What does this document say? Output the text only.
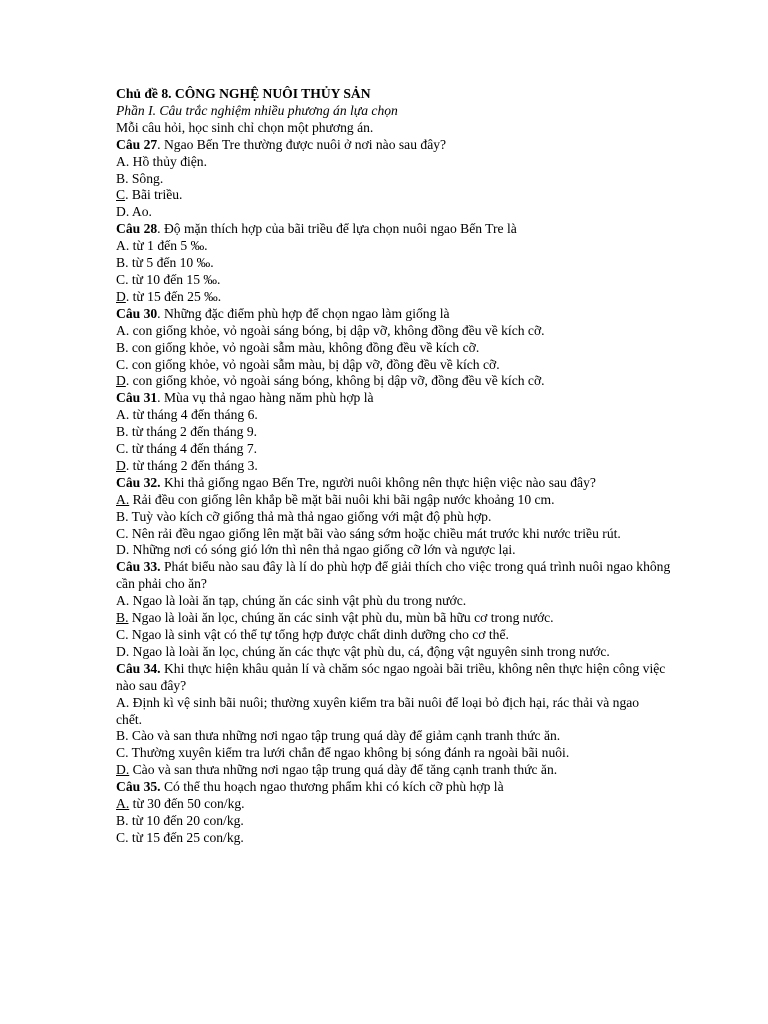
Chủ đề 8. CÔNG NGHỆ NUÔI THỦY SẢN
Phần I. Câu trắc nghiệm nhiều phương án lựa chọn
Mỗi câu hỏi, học sinh chỉ chọn một phương án.
Câu 27. Ngao Bến Tre thường được nuôi ở nơi nào sau đây?
A. Hồ thủy điện.
B. Sông.
C. Bãi triều.
D. Ao.
Câu 28. Độ mặn thích hợp của bãi triều để lựa chọn nuôi ngao Bến Tre là
A. từ 1 đến 5 ‰.
B. từ 5 đến 10 ‰.
C. từ 10 đến 15 ‰.
D. từ 15 đến 25 ‰.
Câu 30. Những đặc điểm phù hợp để chọn ngao làm giống là
A. con giống khỏe, vỏ ngoài sáng bóng, bị dập vỡ, không đồng đều về kích cỡ.
B. con giống khỏe, vỏ ngoài sẫm màu, không đồng đều về kích cỡ.
C. con giống khỏe, vỏ ngoài sẫm màu, bị dập vỡ, đồng đều về kích cỡ.
D. con giống khỏe, vỏ ngoài sáng bóng, không bị dập vỡ, đồng đều về kích cỡ.
Câu 31. Mùa vụ thả ngao hàng năm phù hợp là
A. từ tháng 4 đến tháng 6.
B. từ tháng 2 đến tháng 9.
C. từ tháng 4 đến tháng 7.
D. từ tháng 2 đến tháng 3.
Câu 32. Khi thả giống ngao Bến Tre, người nuôi không nên thực hiện việc nào sau đây?
A. Rải đều con giống lên khắp bề mặt bãi nuôi khi bãi ngập nước khoảng 10 cm.
B. Tuỳ vào kích cỡ giống thả mà thả ngao giống với mật độ phù hợp.
C. Nên rải đều ngao giống lên mặt bãi vào sáng sớm hoặc chiều mát trước khi nước triều rút.
D. Những nơi có sóng gió lớn thì nên thả ngao giống cỡ lớn và ngược lại.
Câu 33. Phát biểu nào sau đây là lí do phù hợp để giải thích cho việc trong quá trình nuôi ngao không
cần phải cho ăn?
A. Ngao là loài ăn tạp, chúng ăn các sinh vật phù du trong nước.
B. Ngao là loài ăn lọc, chúng ăn các sinh vật phù du, mùn bã hữu cơ trong nước.
C. Ngao là sinh vật có thể tự tổng hợp được chất dinh dưỡng cho cơ thể.
D. Ngao là loài ăn lọc, chúng ăn các thực vật phù du, cá, động vật nguyên sinh trong nước.
Câu 34. Khi thực hiện khâu quản lí và chăm sóc ngao ngoài bãi triều, không nên thực hiện công việc
nào sau đây?
A. Định kì vệ sinh bãi nuôi; thường xuyên kiểm tra bãi nuôi để loại bỏ địch hại, rác thải và ngao chết.
B. Cào và san thưa những nơi ngao tập trung quá dày để giảm cạnh tranh thức ăn.
C. Thường xuyên kiểm tra lưới chắn để ngao không bị sóng đánh ra ngoài bãi nuôi.
D. Cào và san thưa những nơi ngao tập trung quá dày để tăng cạnh tranh thức ăn.
Câu 35. Có thể thu hoạch ngao thương phẩm khi có kích cỡ phù hợp là
A. từ 30 đến 50 con/kg.
B. từ 10 đến 20 con/kg.
C. từ 15 đến 25 con/kg.
